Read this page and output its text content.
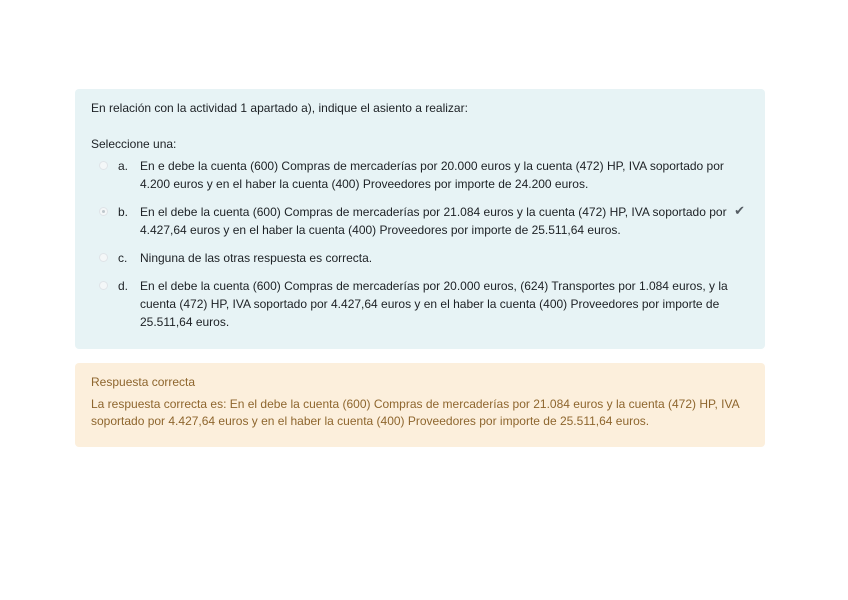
En relación con la actividad 1 apartado a), indique el asiento a realizar:

Seleccione una:
a. En e debe la cuenta (600) Compras de mercaderías por 20.000 euros y la cuenta (472) HP, IVA soportado por 4.200 euros y en el haber la cuenta (400) Proveedores por importe de 24.200 euros.
b. En el debe la cuenta (600) Compras de mercaderías por 21.084 euros y la cuenta (472) HP, IVA soportado por 4.427,64 euros y en el haber la cuenta (400) Proveedores por importe de 25.511,64 euros.
✔
c.	Ninguna de las otras respuesta es correcta.
d. En el debe la cuenta (600) Compras de mercaderías por 20.000 euros, (624) Transportes por 1.084 euros, y la cuenta (472) HP, IVA soportado por 4.427,64 euros y en el haber la cuenta (400) Proveedores por importe de 25.511,64 euros.
Respuesta correcta
La respuesta correcta es: En el debe la cuenta (600) Compras de mercaderías por 21.084 euros y la cuenta (472) HP, IVA soportado por 4.427,64 euros y en el haber la cuenta (400) Proveedores por importe de 25.511,64 euros.
